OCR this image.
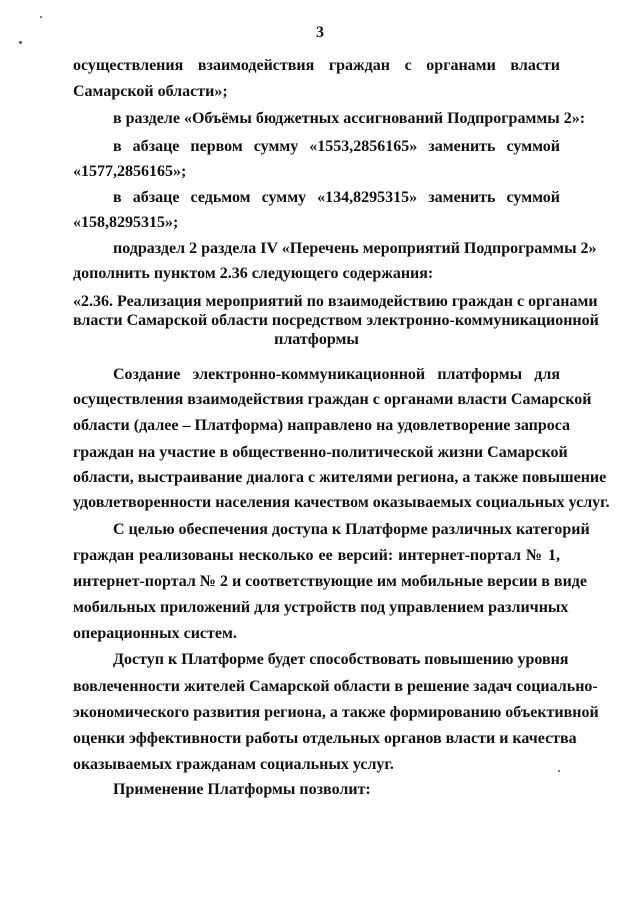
3
осуществления взаимодействия граждан с органами власти
Самарской области»;
в разделе «Объёмы бюджетных ассигнований Подпрограммы 2»:
в абзаце первом сумму «1553,2856165» заменить суммой
«1577,2856165»;
в абзаце седьмом сумму «134,8295315» заменить суммой
«158,8295315»;
подраздел 2 раздела IV «Перечень мероприятий Подпрограммы 2»
дополнить пунктом 2.36 следующего содержания:
«2.36. Реализация мероприятий по взаимодействию граждан с органами
власти Самарской области посредством электронно-коммуникационной
платформы
Создание электронно-коммуникационной платформы для
осуществления взаимодействия граждан с органами власти Самарской
области (далее – Платформа) направлено на удовлетворение запроса
граждан на участие в общественно-политической жизни Самарской
области, выстраивание диалога с жителями региона, а также повышение
удовлетворенности населения качеством оказываемых социальных услуг.
С целью обеспечения доступа к Платформе различных категорий
граждан реализованы несколько ее версий: интернет-портал № 1,
интернет-портал № 2 и соответствующие им мобильные версии в виде
мобильных приложений для устройств под управлением различных
операционных систем.
Доступ к Платформе будет способствовать повышению уровня
вовлеченности жителей Самарской области в решение задач социально-
экономического развития региона, а также формированию объективной
оценки эффективности работы отдельных органов власти и качества
оказываемых гражданам социальных услуг.
Применение Платформы позволит:
